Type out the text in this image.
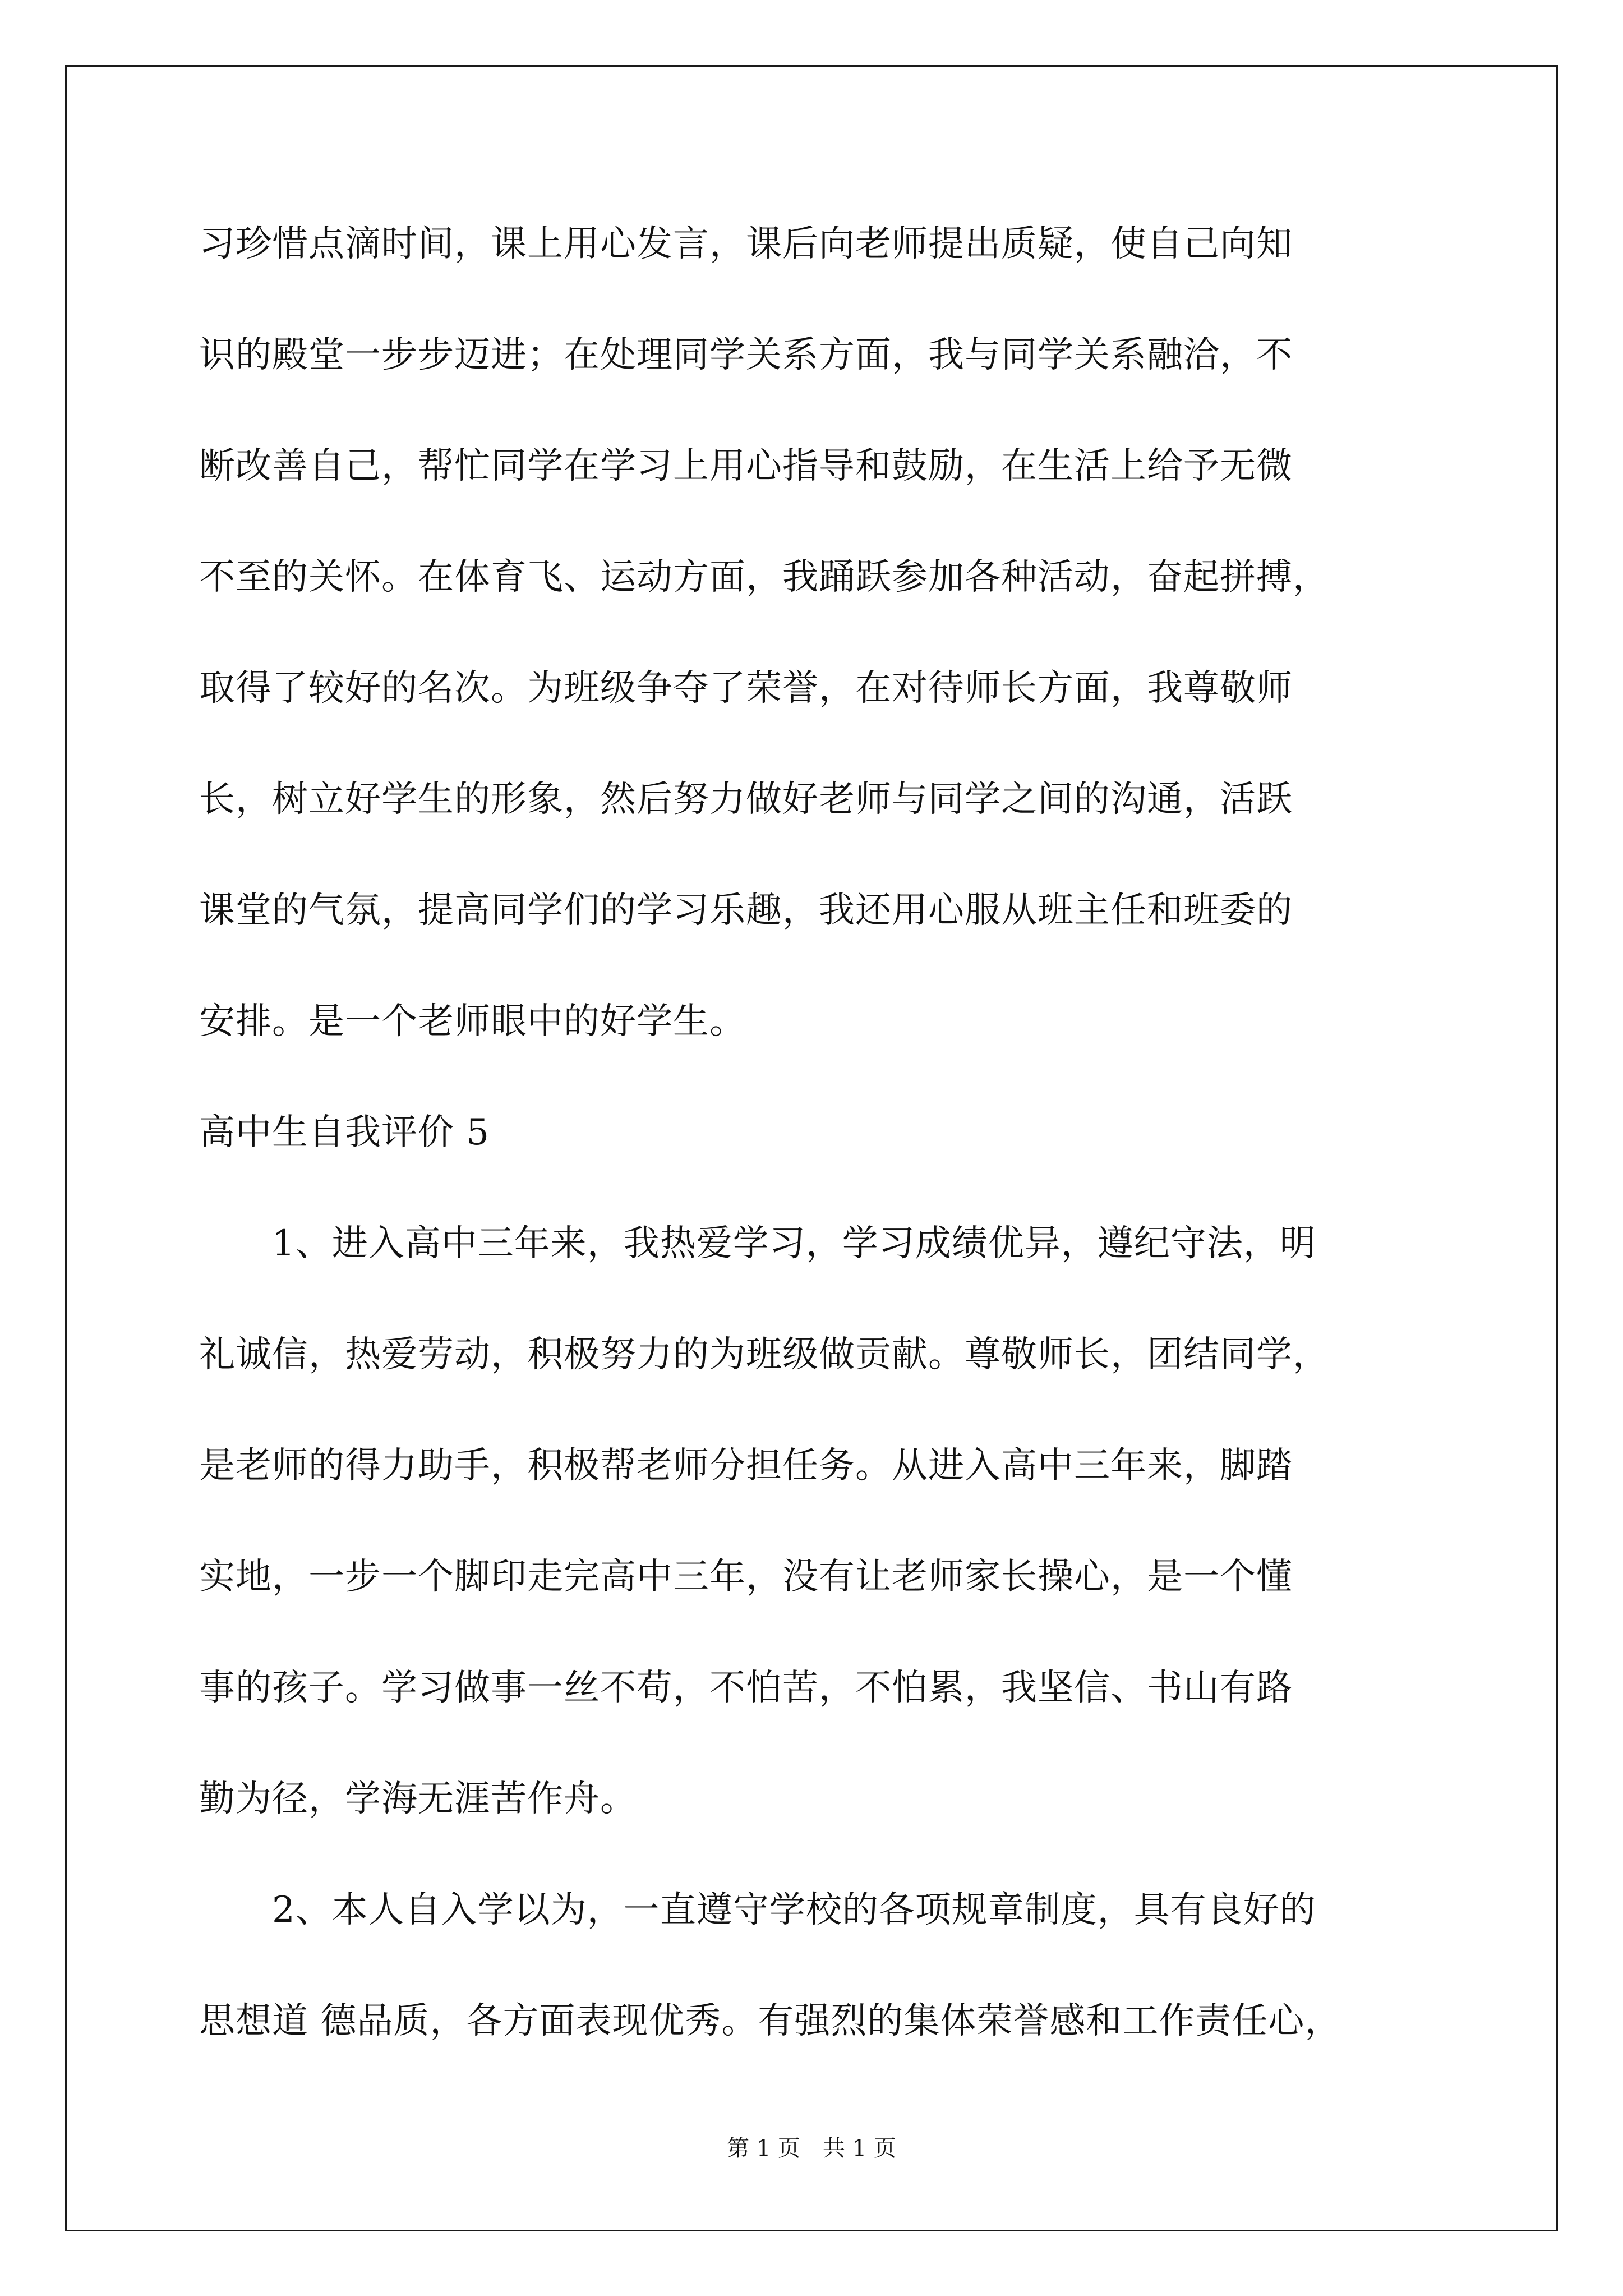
习珍惜点滴时间，课上用心发言，课后向老师提出质疑，使自己向知
识的殿堂一步步迈进；在处理同学关系方面，我与同学关系融洽，不
断改善自己，帮忙同学在学习上用心指导和鼓励，在生活上给予无微
不至的关怀。在体育飞、运动方面，我踊跃参加各种活动，奋起拼搏，
取得了较好的名次。为班级争夺了荣誉，在对待师长方面，我尊敬师
长，树立好学生的形象，然后努力做好老师与同学之间的沟通，活跃
课堂的气氛，提高同学们的学习乐趣，我还用心服从班主任和班委的
安排。是一个老师眼中的好学生。
高中生自我评价 5
1、进入高中三年来，我热爱学习，学习成绩优异，遵纪守法，明
礼诚信，热爱劳动，积极努力的为班级做贡献。尊敬师长，团结同学，
是老师的得力助手，积极帮老师分担任务。从进入高中三年来，脚踏
实地，一步一个脚印走完高中三年，没有让老师家长操心，是一个懂
事的孩子。学习做事一丝不苟，不怕苦，不怕累，我坚信、书山有路
勤为径，学海无涯苦作舟。
2、本人自入学以为，一直遵守学校的各项规章制度，具有良好的
思想道 德品质，各方面表现优秀。有强烈的集体荣誉感和工作责任心，
第 1 页 共 1 页
